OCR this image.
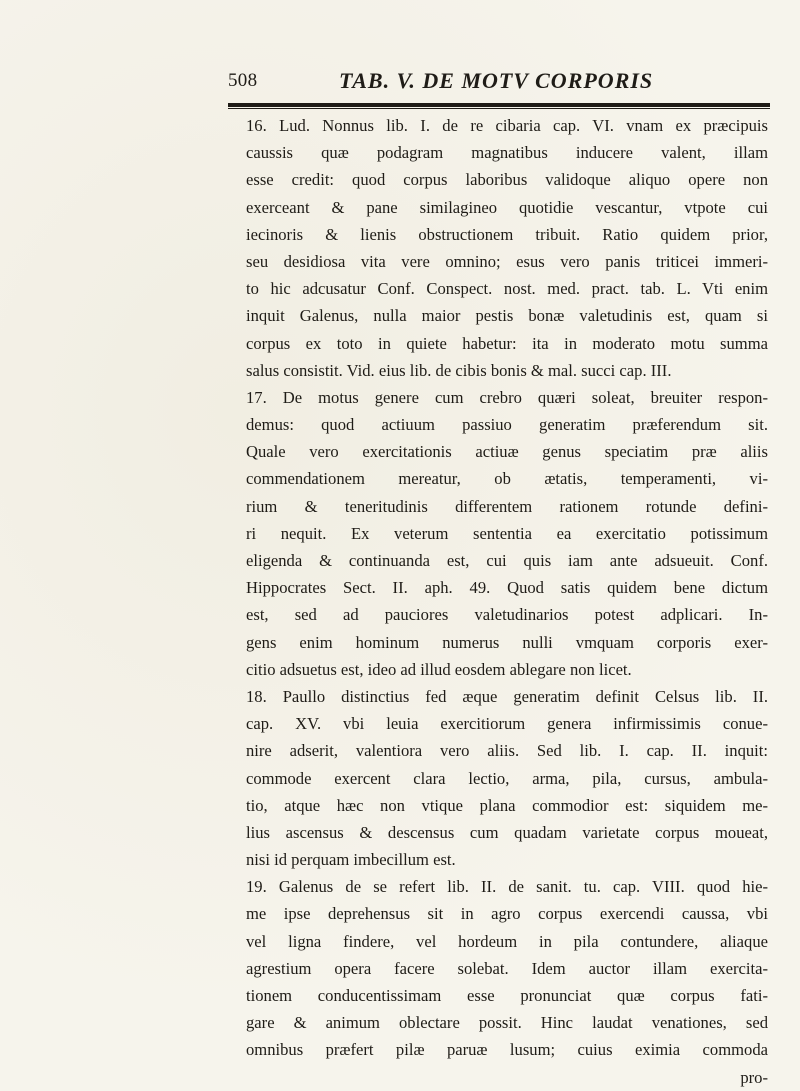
508	TAB. V. DE MOTV CORPORIS
16. Lud. Nonnus lib. I. de re cibaria cap. VI. vnam ex præcipuis
caussis quæ podagram magnatibus inducere valent, illam
esse credit: quod corpus laboribus validoque aliquo opere non
exerceant & pane similagineo quotidie vescantur, vtpote cui
iecinoris & lienis obstructionem tribuit. Ratio quidem prior,
seu desidiosa vita vere omnino; esus vero panis triticei immeri-
to hic adcusatur Conf. Conspect. nost. med. pract. tab. L. Vti enim
inquit Galenus, nulla maior pestis bonæ valetudinis est, quam si
corpus ex toto in quiete habetur: ita in moderato motu summa
salus consistit. Vid. eius lib. de cibis bonis & mal. succi cap. III.
17. De motus genere cum crebro quæri soleat, breuiter respon-
demus: quod actiuum passiuo generatim præferendum sit.
Quale vero exercitationis actiuæ genus speciatim præ aliis
commendationem mereatur, ob ætatis, temperamenti, vi-
rium & teneritudinis differentem rationem rotunde defini-
ri nequit. Ex veterum sententia ea exercitatio potissimum
eligenda & continuanda est, cui quis iam ante adsueuit. Conf.
Hippocrates Sect. II. aph. 49. Quod satis quidem bene dictum
est, sed ad pauciores valetudinarios potest adplicari. In-
gens enim hominum numerus nulli vmquam corporis exer-
citio adsuetus est, ideo ad illud eosdem ablegare non licet.
18. Paullo distinctius fed æque generatim definit Celsus lib. II.
cap. XV. vbi leuia exercitiorum genera infirmissimis conue-
nire adserit, valentiora vero aliis. Sed lib. I. cap. II. inquit:
commode exercent clara lectio, arma, pila, cursus, ambula-
tio, atque hæc non vtique plana commodior est: siquidem me-
lius ascensus & descensus cum quadam varietate corpus moueat,
nisi id perquam imbecillum est.
19. Galenus de se refert lib. II. de sanit. tu. cap. VIII. quod hie-
me ipse deprehensus sit in agro corpus exercendi caussa, vbi
vel ligna findere, vel hordeum in pila contundere, aliaque
agrestium opera facere solebat. Idem auctor illam exercita-
tionem conducentissimam esse pronunciat quæ corpus fati-
gare & animum oblectare possit. Hinc laudat venationes, sed
omnibus præfert pilæ paruæ lusum; cuius eximia commoda
pro-
